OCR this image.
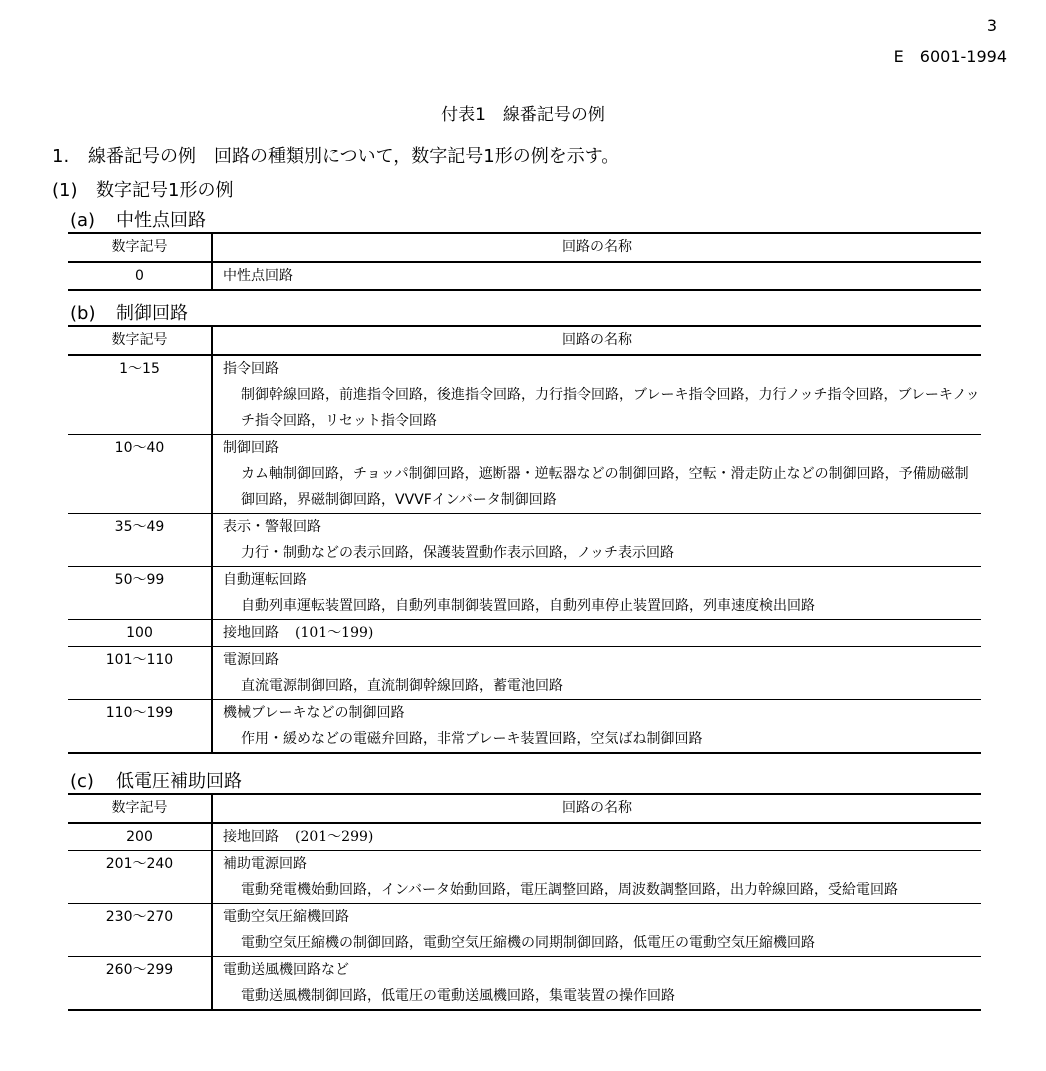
3
E　6001-1994
付表1　線番記号の例
1. 線番記号の例　回路の種類別について，数字記号1形の例を示す。
(1) 数字記号1形の例
(a) 中性点回路
数字記号	回路の名称
0	中性点回路
(b) 制御回路
数字記号	回路の名称
1～15	指令回路
制御幹線回路，前進指令回路，後進指令回路，力行指令回路，ブレーキ指令回路，力行ノッチ指令回路，ブレーキノッチ指令回路，リセット指令回路

10～40	制御回路
カム軸制御回路，チョッパ制御回路，遮断器・逆転器などの制御回路，空転・滑走防止などの制御回路，予備励磁制御回路，界磁制御回路，VVVFインバータ制御回路

35～49	表示・警報回路
力行・制動などの表示回路，保護装置動作表示回路，ノッチ表示回路

50～99	自動運転回路
自動列車運転装置回路，自動列車制御装置回路，自動列車停止装置回路，列車速度検出回路

100	接地回路 (101～199)

101～110	電源回路
直流電源制御回路，直流制御幹線回路，蓄電池回路

110～199	機械ブレーキなどの制御回路
作用・緩めなどの電磁弁回路，非常ブレーキ装置回路，空気ばね制御回路
(c) 低電圧補助回路
数字記号	回路の名称
200	接地回路 (201～299)

201～240	補助電源回路
電動発電機始動回路，インバータ始動回路，電圧調整回路，周波数調整回路，出力幹線回路，受給電回路

230～270	電動空気圧縮機回路
電動空気圧縮機の制御回路，電動空気圧縮機の同期制御回路，低電圧の電動空気圧縮機回路

260～299	電動送風機回路など
電動送風機制御回路，低電圧の電動送風機回路，集電装置の操作回路
